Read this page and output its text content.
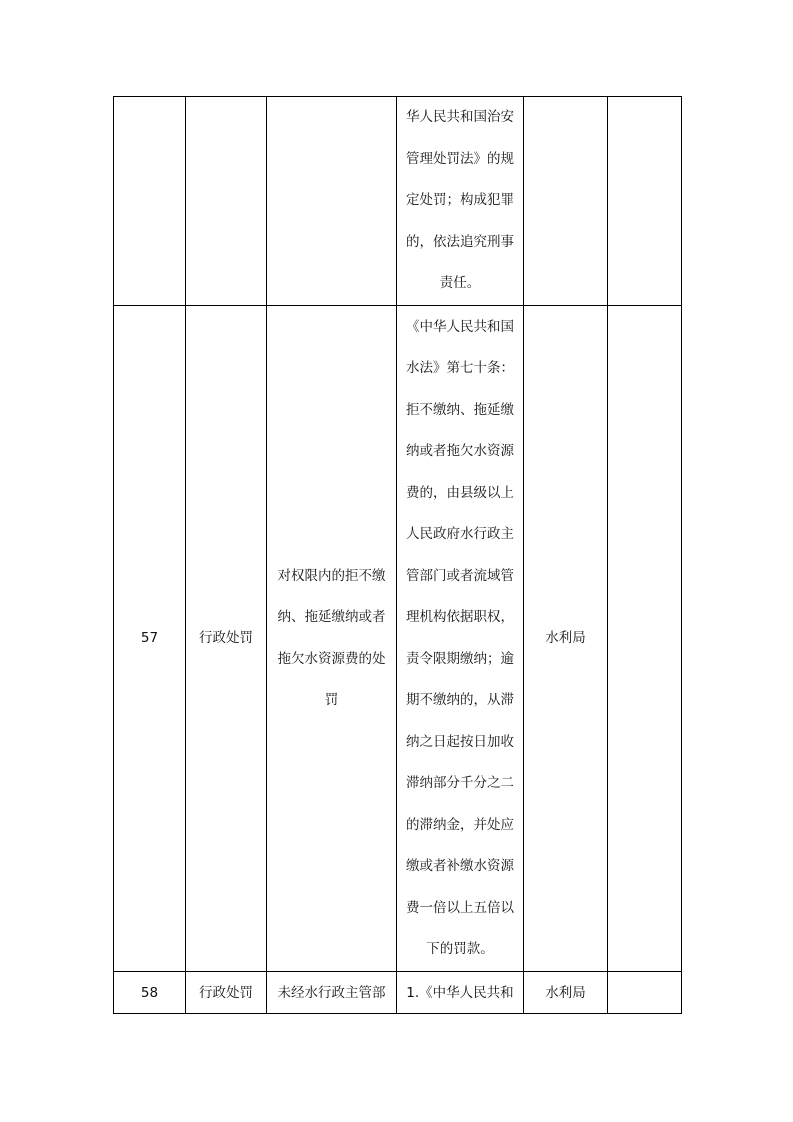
			华人民共和国治安管理处罚法》的规定处罚；构成犯罪的，依法追究刑事责任。		
57	行政处罚	对权限内的拒不缴纳、拖延缴纳或者拖欠水资源费的处罚	《中华人民共和国水法》第七十条：拒不缴纳、拖延缴纳或者拖欠水资源费的，由县级以上人民政府水行政主管部门或者流域管理机构依据职权，责令限期缴纳；逾期不缴纳的，从滞纳之日起按日加收滞纳部分千分之二的滞纳金，并处应缴或者补缴水资源费一倍以上五倍以下的罚款。	水利局	
58	行政处罚	未经水行政主管部	1.《中华人民共和	水利局	
